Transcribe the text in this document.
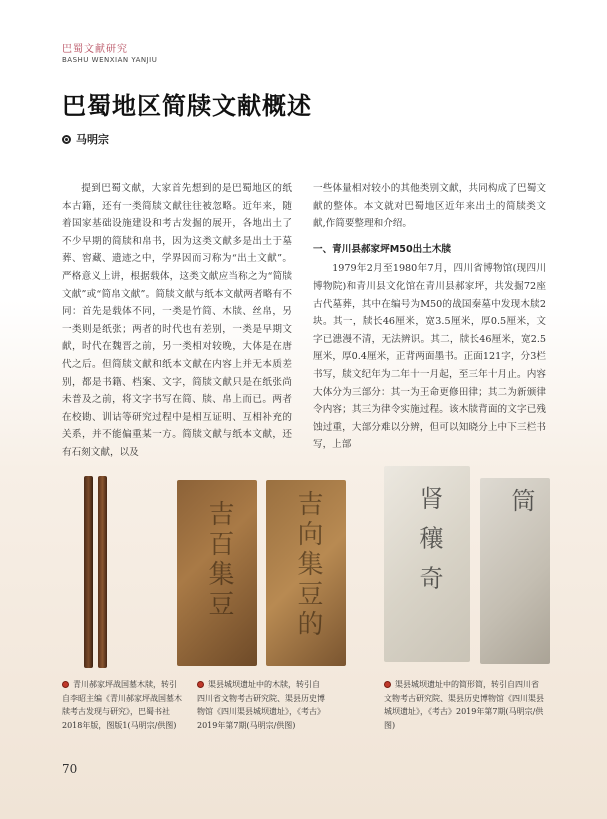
巴蜀文献研究
BASHU WENXIAN YANJIU
巴蜀地区简牍文献概述
马明宗

提到巴蜀文献，大家首先想到的是巴蜀地区的纸本古籍，还有一类简牍文献往往被忽略。近年来，随着国家基础设施建设和考古发掘的展开，各地出土了不少早期的简牍和帛书，因为这类文献多是出土于墓葬、窖藏、遗迹之中，学界因而习称为“出土文献”。严格意义上讲，根据载体，这类文献应当称之为“简牍文献”或“简帛文献”。简牍文献与纸本文献两者略有不同：首先是载体不同，一类是竹简、木牍、丝帛，另一类则是纸张；两者的时代也有差别，一类是早期文献，时代在魏晋之前，另一类相对较晚，大体是在唐代之后。但简牍文献和纸本文献在内容上并无本质差别，都是书籍、档案、文字，简牍文献只是在纸张尚未普及之前，将文字书写在简、牍、帛上而已。两者在校勘、训诂等研究过程中是相互证明、互相补充的关系，并不能偏重某一方。简牍文献与纸本文献，还有石刻文献，以及

一些体量相对较小的其他类别文献，共同构成了巴蜀文献的整体。本文就对巴蜀地区近年来出土的简牍类文献,作简要整理和介绍。

一、青川县郝家坪M50出土木牍

1979年2月至1980年7月，四川省博物馆(现四川博物院)和青川县文化馆在青川县郝家坪，共发掘72座古代墓葬，其中在编号为M50的战国秦墓中发现木牍2块。其一，牍长46厘米，宽3.5厘米，厚0.5厘米，文字已漶漫不清，无法辨识。其二，牍长46厘米，宽2.5厘米，厚0.4厘米，正背两面墨书。正面121字，分3栏书写，牍文纪年为二年十一月起，至三年十月止。内容大体分为三部分：其一为王命更修田律；其二为新颁律令内容；其三为律令实施过程。该木牍背面的文字已残蚀过重，大部分难以分辨，但可以知晓分上中下三栏书写，上部

吉百集豆 吉向集豆的	肾 穰 奇	筒
青川郝家坪战国墓木牍，转引自李昭主编《青川郝家坪战国墓木牍考古发现与研究》，巴蜀书社2018年版，图版1(马明宗/供图)
渠县城坝遗址中的木牍，转引自四川省文物考古研究院、渠县历史博物馆《四川渠县城坝遗址》，《考古》2019年第7期(马明宗/供图)
渠县城坝遗址中的简形简，转引自四川省文物考古研究院、渠县历史博物馆《四川渠县城坝遗址》，《考古》2019年第7期(马明宗/供图)
70
